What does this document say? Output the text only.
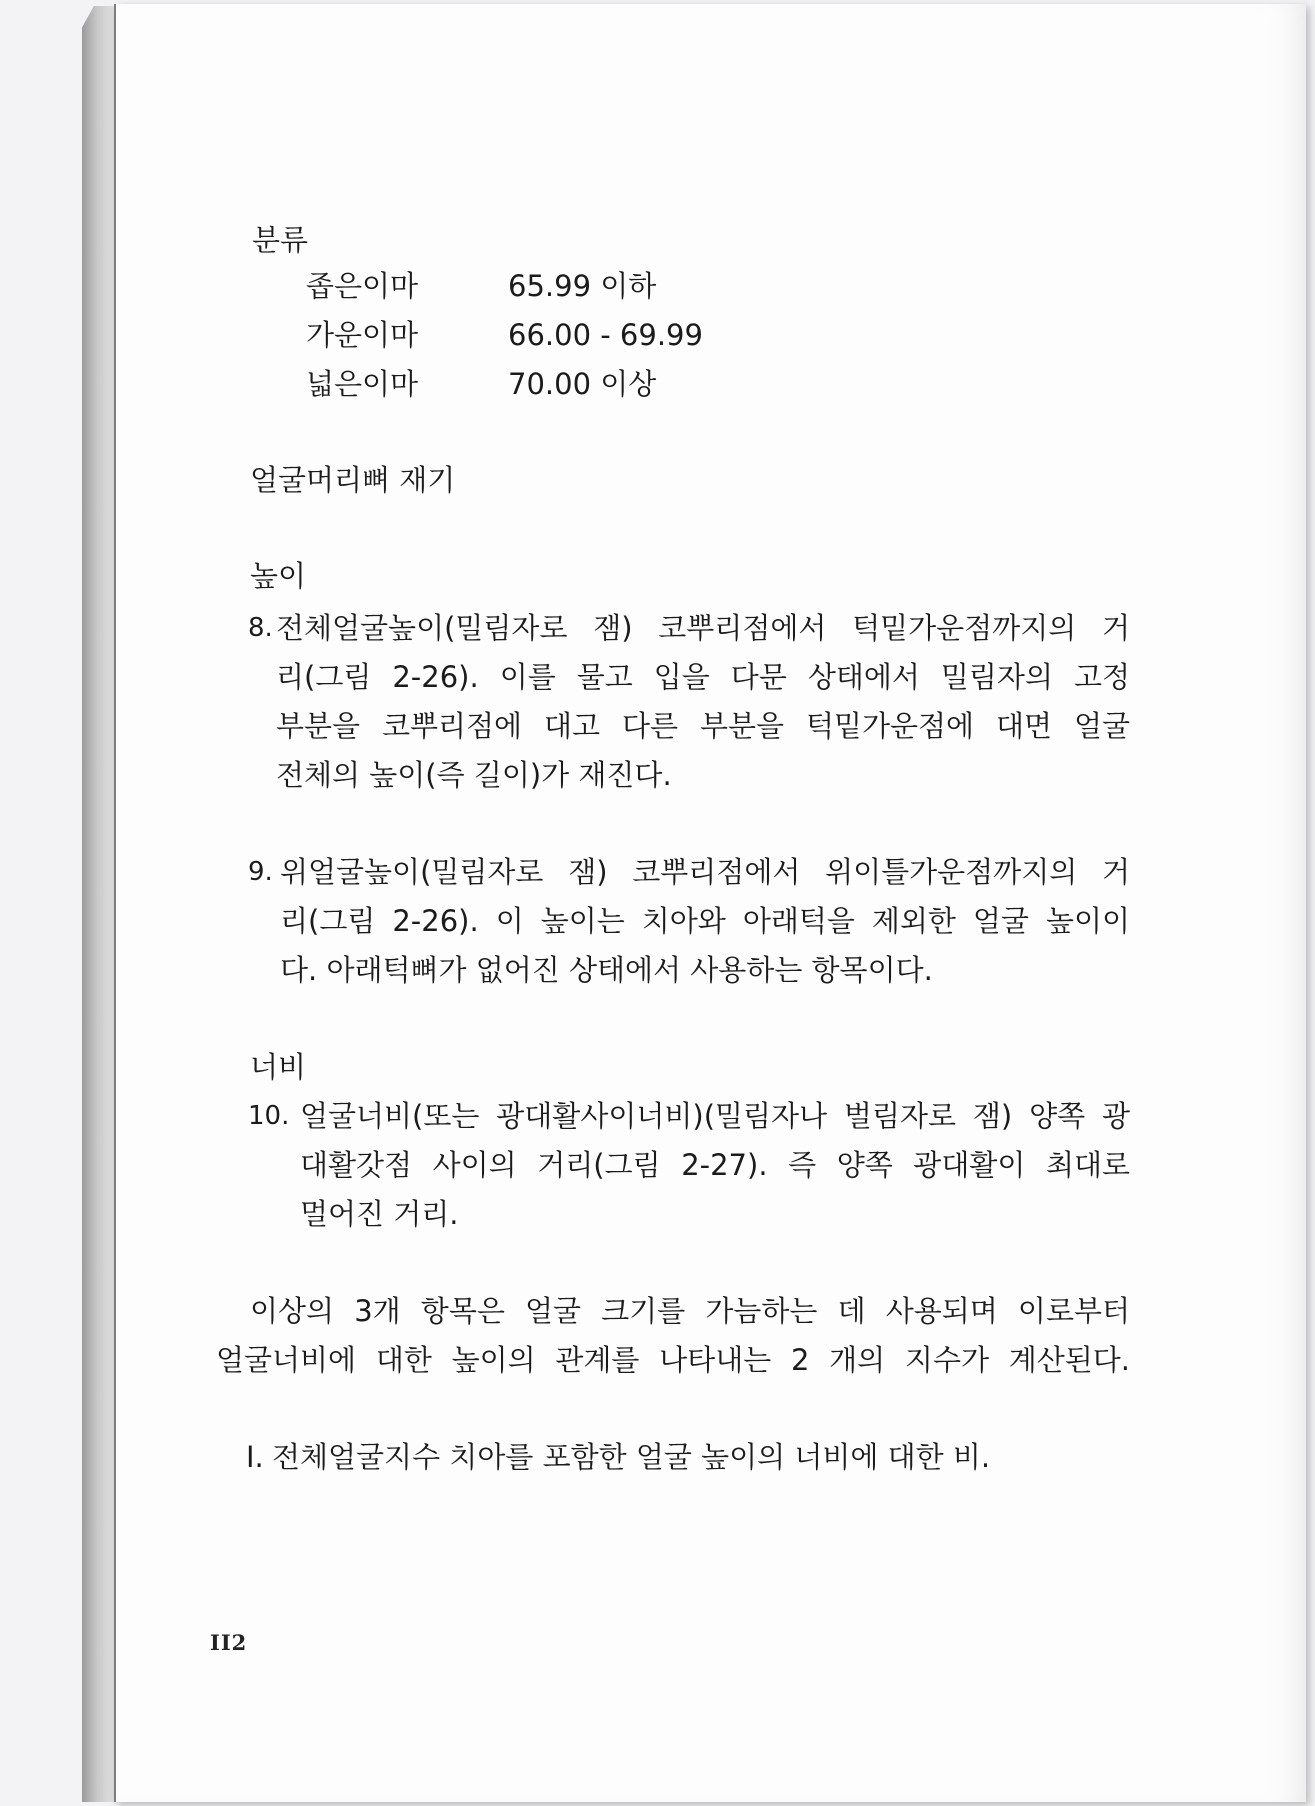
분류
좁은이마	65.99 이하
가운이마	66.00 - 69.99
넓은이마	70.00 이상
얼굴머리뼈 재기
높이
8. 전체얼굴높이(밀림자로 잼) 코뿌리점에서 턱밑가운점까지의 거

리(그림 2-26). 이를 물고 입을 다문 상태에서 밀림자의 고정

부분을 코뿌리점에 대고 다른 부분을 턱밑가운점에 대면 얼굴

전체의 높이(즉 길이)가 재진다.

9. 위얼굴높이(밀림자로 잼) 코뿌리점에서 위이틀가운점까지의 거

리(그림 2-26). 이 높이는 치아와 아래턱을 제외한 얼굴 높이이

다. 아래턱뼈가 없어진 상태에서 사용하는 항목이다.

너비
10. 얼굴너비(또는 광대활사이너비)(밀림자나 벌림자로 잼) 양쪽 광

대활갓점 사이의 거리(그림 2-27). 즉 양쪽 광대활이 최대로

멀어진 거리.

이상의 3개 항목은 얼굴 크기를 가늠하는 데 사용되며 이로부터

얼굴너비에 대한 높이의 관계를 나타내는 2 개의 지수가 계산된다.

I. 전체얼굴지수 치아를 포함한 얼굴 높이의 너비에 대한 비.
II2
